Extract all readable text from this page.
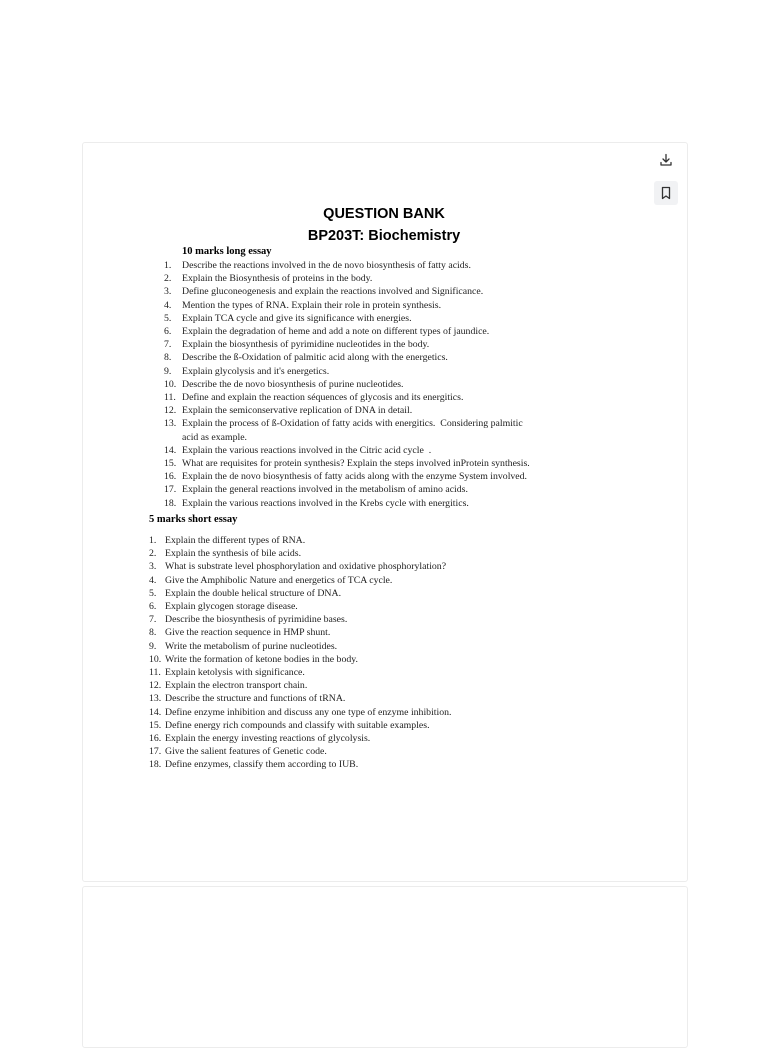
QUESTION BANK
BP203T: Biochemistry
10 marks long essay
1.	Describe the reactions involved in the de novo biosynthesis of fatty acids.
2.	Explain the Biosynthesis of proteins in the body.
3.	Define gluconeogenesis and explain the reactions involved and Significance.
4.	Mention the types of RNA. Explain their role in protein synthesis.
5.	Explain TCA cycle and give its significance with energies.
6.	Explain the degradation of heme and add a note on different types of jaundice.
7.	Explain the biosynthesis of pyrimidine nucleotides in the body.
8.	Describe the ß-Oxidation of palmitic acid along with the energetics.
9.	Explain glycolysis and it's energetics.
10. Describe the de novo biosynthesis of purine nucleotides.
11. Define and explain the reaction séquences of glycosis and its energitics.
12. Explain the semiconservative replication of DNA in detail.
13. Explain the process of ß-Oxidation of fatty acids with energitics.  Considering palmitic
acid as example.
14. Explain the various reactions involved in the Citric acid cycle  .
15. What are requisites for protein synthesis? Explain the steps involved inProtein synthesis.
16. Explain the de novo biosynthesis of fatty acids along with the enzyme System involved.
17. Explain the general reactions involved in the metabolism of amino acids.
18. Explain the various reactions involved in the Krebs cycle with energitics.
5 marks short essay
1. Explain the different types of RNA.
2. Explain the synthesis of bile acids.
3. What is substrate level phosphorylation and oxidative phosphorylation?
4. Give the Amphibolic Nature and energetics of TCA cycle.
5. Explain the double helical structure of DNA.
6. Explain glycogen storage disease.
7. Describe the biosynthesis of pyrimidine bases.
8. Give the reaction sequence in HMP shunt.
9. Write the metabolism of purine nucleotides.
10. Write the formation of ketone bodies in the body.
11. Explain ketolysis with significance.
12. Explain the electron transport chain.
13. Describe the structure and functions of tRNA.
14. Define enzyme inhibition and discuss any one type of enzyme inhibition.
15. Define energy rich compounds and classify with suitable examples.
16. Explain the energy investing reactions of glycolysis.
17. Give the salient features of Genetic code.
18. Define enzymes, classify them according to IUB.
